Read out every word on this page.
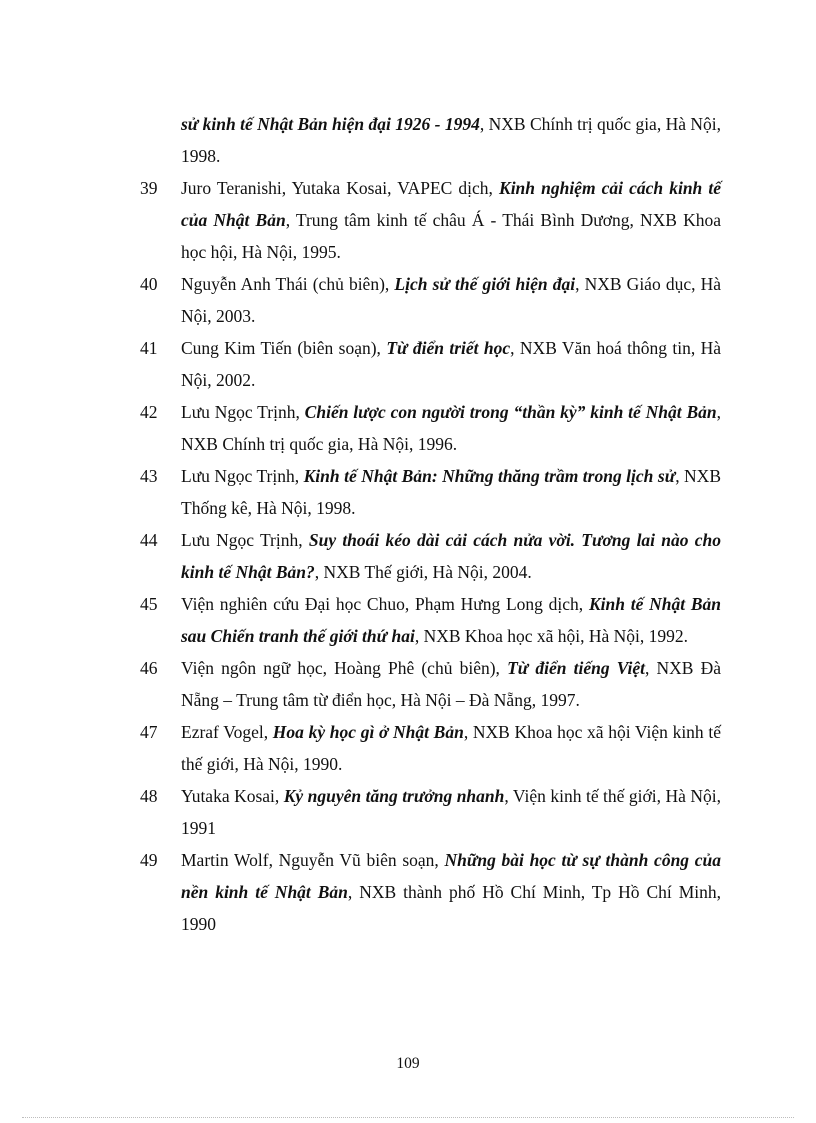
sử kinh tế Nhật Bản hiện đại 1926 - 1994, NXB Chính trị quốc gia, Hà Nội, 1998.
39	Juro Teranishi, Yutaka Kosai, VAPEC dịch, Kinh nghiệm cải cách kinh tế của Nhật Bản, Trung tâm kinh tế châu Á - Thái Bình Dương, NXB Khoa học hội, Hà Nội, 1995.
40	Nguyễn Anh Thái (chủ biên), Lịch sử thế giới hiện đại, NXB Giáo dục, Hà Nội, 2003.
41	Cung Kim Tiến (biên soạn), Từ điển triết học, NXB Văn hoá thông tin, Hà Nội, 2002.
42	Lưu Ngọc Trịnh, Chiến lược con người trong “thần kỳ” kinh tế Nhật Bản, NXB Chính trị quốc gia, Hà Nội, 1996.
43	Lưu Ngọc Trịnh, Kinh tế Nhật Bản: Những thăng trầm trong lịch sử, NXB Thống kê, Hà Nội, 1998.
44	Lưu Ngọc Trịnh, Suy thoái kéo dài cải cách nửa vời. Tương lai nào cho kinh tế Nhật Bản?, NXB Thế giới, Hà Nội, 2004.
45	Viện nghiên cứu Đại học Chuo, Phạm Hưng Long dịch, Kinh tế Nhật Bản sau Chiến tranh thế giới thứ hai, NXB Khoa học xã hội, Hà Nội, 1992.
46	Viện ngôn ngữ học, Hoàng Phê (chủ biên), Từ điển tiếng Việt, NXB Đà Nẵng – Trung tâm từ điển học, Hà Nội – Đà Nẵng, 1997.
47	Ezraf Vogel, Hoa kỳ học gì ở Nhật Bản, NXB Khoa học xã hội Viện kinh tế thế giới, Hà Nội, 1990.
48	Yutaka Kosai, Kỷ nguyên tăng trưởng nhanh, Viện kinh tế thế giới, Hà Nội, 1991
49	Martin Wolf, Nguyễn Vũ biên soạn, Những bài học từ sự thành công của nền kinh tế Nhật Bản, NXB thành phố Hồ Chí Minh, Tp Hồ Chí Minh, 1990
109
